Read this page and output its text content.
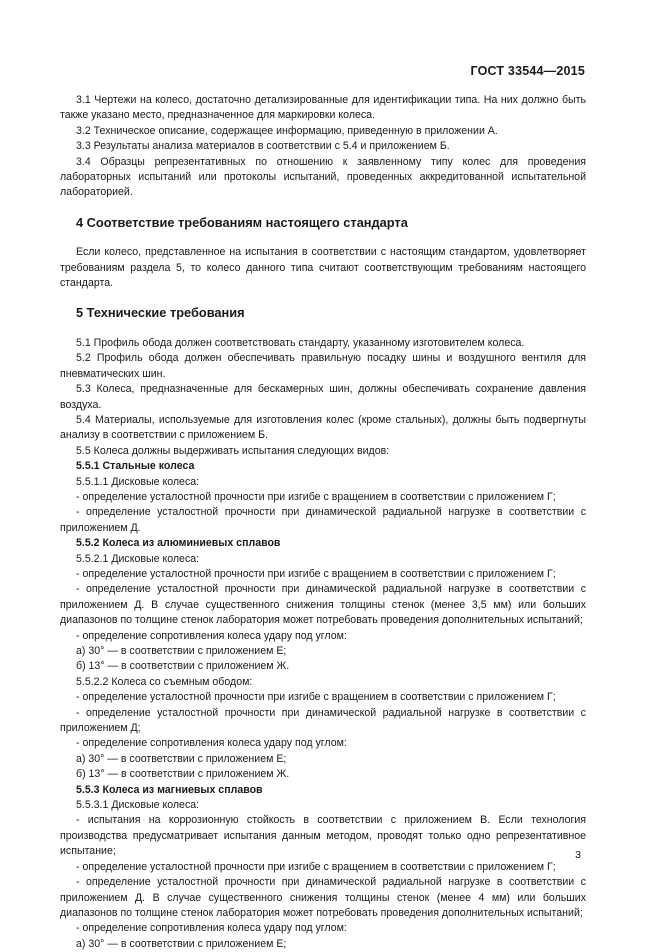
ГОСТ 33544—2015

3.1 Чертежи на колесо, достаточно детализированные для идентификации типа. На них должно быть также указано место, предназначенное для маркировки колеса.

3.2 Техническое описание, содержащее информацию, приведенную в приложении А.

3.3 Результаты анализа материалов в соответствии с 5.4 и приложением Б.

3.4 Образцы репрезентативных по отношению к заявленному типу колес для проведения лабораторных испытаний или протоколы испытаний, проведенных аккредитованной испытательной лабораторией.

4 Соответствие требованиям настоящего стандарта

Если колесо, представленное на испытания в соответствии с настоящим стандартом, удовлетворяет требованиям раздела 5, то колесо данного типа считают соответствующим требованиям настоящего стандарта.

5 Технические требования

5.1 Профиль обода должен соответствовать стандарту, указанному изготовителем колеса.

5.2 Профиль обода должен обеспечивать правильную посадку шины и воздушного вентиля для пневматических шин.

5.3 Колеса, предназначенные для бескамерных шин, должны обеспечивать сохранение давления воздуха.

5.4 Материалы, используемые для изготовления колес (кроме стальных), должны быть подвергнуты анализу в соответствии с приложением Б.

5.5 Колеса должны выдерживать испытания следующих видов:

5.5.1 Стальные колеса

5.5.1.1 Дисковые колеса:

- определение усталостной прочности при изгибе с вращением в соответствии с приложением Г;

- определение усталостной прочности при динамической радиальной нагрузке в соответствии с приложением Д.

5.5.2 Колеса из алюминиевых сплавов

5.5.2.1 Дисковые колеса:

- определение усталостной прочности при изгибе с вращением в соответствии с приложением Г;

- определение усталостной прочности при динамической радиальной нагрузке в соответствии с приложением Д. В случае существенного снижения толщины стенок (менее 3,5 мм) или больших диапазонов по толщине стенок лаборатория может потребовать проведения дополнительных испытаний;

- определение сопротивления колеса удару под углом:

а) 30° — в соответствии с приложением Е;

б) 13° — в соответствии с приложением Ж.

5.5.2.2 Колеса со съемным ободом:

- определение усталостной прочности при изгибе с вращением в соответствии с приложением Г;

- определение усталостной прочности при динамической радиальной нагрузке в соответствии с приложением Д;

- определение сопротивления колеса удару под углом:

а) 30° — в соответствии с приложением Е;

б) 13° — в соответствии с приложением Ж.

5.5.3 Колеса из магниевых сплавов

5.5.3.1 Дисковые колеса:

- испытания на коррозионную стойкость в соответствии с приложением В. Если технология производства предусматривает испытания данным методом, проводят только одно репрезентативное испытание;

- определение усталостной прочности при изгибе с вращением в соответствии с приложением Г;

- определение усталостной прочности при динамической радиальной нагрузке в соответствии с приложением Д. В случае существенного снижения толщины стенок (менее 4 мм) или больших диапазонов по толщине стенок лаборатория может потребовать проведения дополнительных испытаний;

- определение сопротивления колеса удару под углом:

а) 30° — в соответствии с приложением Е;

3
